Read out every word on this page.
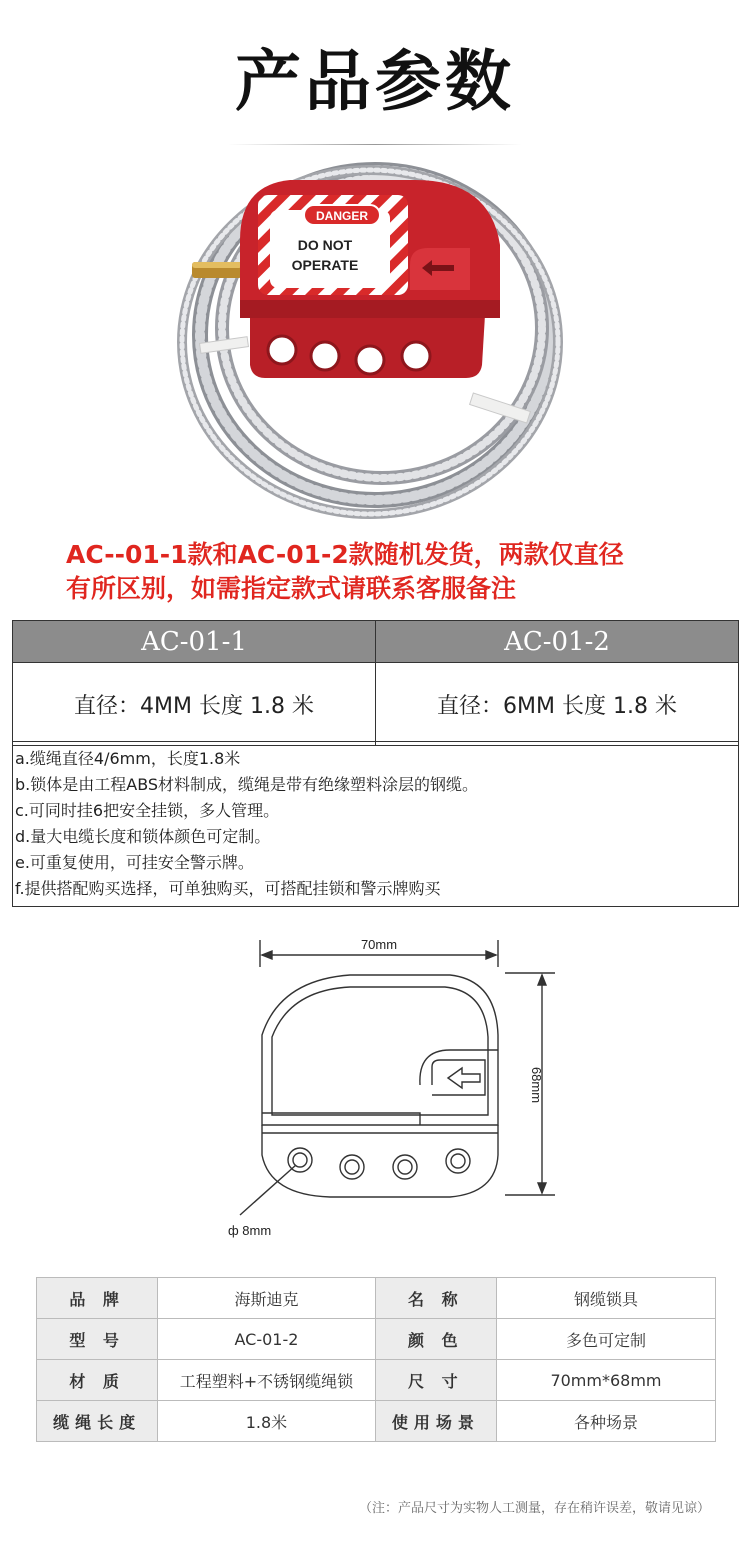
产品参数
DANGER
DO NOT
OPERATE
AC--01-1款和AC-01-2款随机发货，两款仅直径
有所区别，如需指定款式请联系客服备注
AC-01-1	AC-01-2
直径：4MM 长度 1.8 米	直径：6MM 长度 1.8 米
a.缆绳直径4/6mm，长度1.8米
b.锁体是由工程ABS材料制成，缆绳是带有绝缘塑料涂层的钢缆。
c.可同时挂6把安全挂锁，多人管理。
d.量大电缆长度和锁体颜色可定制。
e.可重复使用，可挂安全警示牌。
f.提供搭配购买选择，可单独购买，可搭配挂锁和警示牌购买
70mm
68mm
ф 8mm
品 牌	海斯迪克	名 称	钢缆锁具
型 号	AC-01-2	颜 色	多色可定制
材 质	工程塑料+不锈钢缆绳锁	尺 寸	70mm*68mm
缆绳长度	1.8米	使用场景	各种场景
（注：产品尺寸为实物人工测量，存在稍许误差，敬请见谅）
